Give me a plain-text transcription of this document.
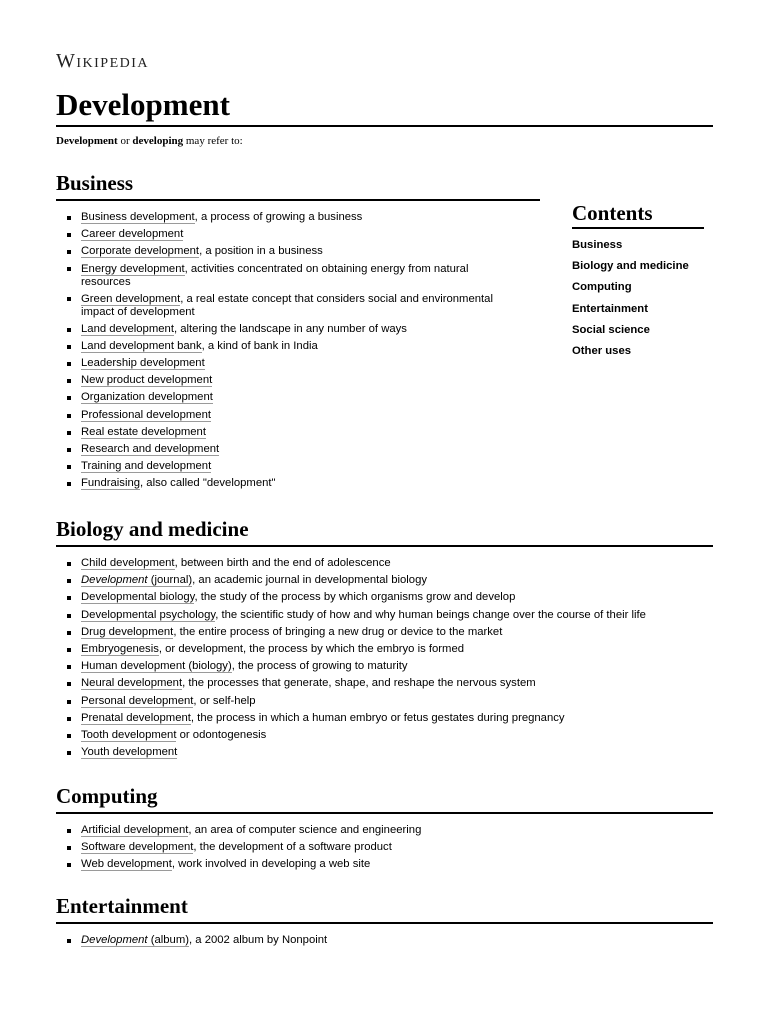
Wikipedia
Development
Development or developing may refer to:
Business
Business development, a process of growing a business
Career development
Corporate development, a position in a business
Energy development, activities concentrated on obtaining energy from natural resources
Green development, a real estate concept that considers social and environmental impact of development
Land development, altering the landscape in any number of ways
Land development bank, a kind of bank in India
Leadership development
New product development
Organization development
Professional development
Real estate development
Research and development
Training and development
Fundraising, also called "development"
Contents
Business
Biology and medicine
Computing
Entertainment
Social science
Other uses
Biology and medicine
Child development, between birth and the end of adolescence
Development (journal), an academic journal in developmental biology
Developmental biology, the study of the process by which organisms grow and develop
Developmental psychology, the scientific study of how and why human beings change over the course of their life
Drug development, the entire process of bringing a new drug or device to the market
Embryogenesis, or development, the process by which the embryo is formed
Human development (biology), the process of growing to maturity
Neural development, the processes that generate, shape, and reshape the nervous system
Personal development, or self-help
Prenatal development, the process in which a human embryo or fetus gestates during pregnancy
Tooth development or odontogenesis
Youth development
Computing
Artificial development, an area of computer science and engineering
Software development, the development of a software product
Web development, work involved in developing a web site
Entertainment
Development (album), a 2002 album by Nonpoint
